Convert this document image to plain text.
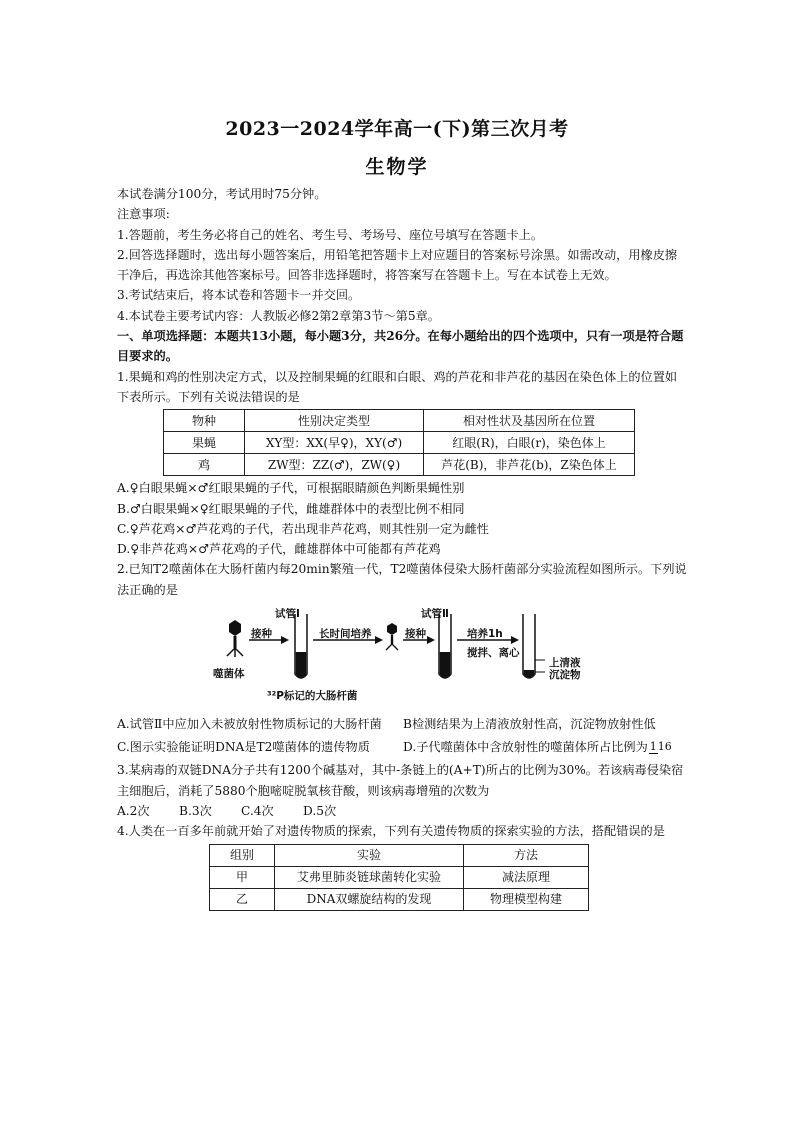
2023一2024学年高一(下)第三次月考
生物学

本试卷满分100分，考试用时75分钟。

注意事项:

1.答题前，考生务必将自己的姓名、考生号、考场号、座位号填写在答题卡上。

2.回答选择题时，选出每小题答案后，用铅笔把答题卡上对应题目的答案标号涂黑。如需改动，用橡皮擦干净后，再选涂其他答案标号。回答非选择题时，将答案写在答题卡上。写在本试卷上无效。

3.考试结束后，将本试卷和答题卡一并交回。

4.本试卷主要考试内容：人教版必修2第2章第3节～第5章。

一、单项选择题：本题共13小题，每小题3分，共26分。在每小题给出的四个选项中，只有一项是符合题目要求的。

1.果蝇和鸡的性别决定方式，以及控制果蝇的红眼和白眼、鸡的芦花和非芦花的基因在染色体上的位置如下表所示。下列有关说法错误的是

物种	性别决定类型	相对性状及基因所在位置
果蝇	XY型：XX(早♀)，XY(♂)	红眼(R)，白眼(r)，染色体上
鸡	ZW型：ZZ(♂)，ZW(♀)	芦花(B)，非芦花(b)，Z染色体上

A.♀白眼果蝇×♂红眼果蝇的子代，可根据眼睛颜色判断果蝇性别

B.♂白眼果蝇×♀红眼果蝇的子代，雌雄群体中的表型比例不相同

C.♀芦花鸡×♂芦花鸡的子代，若出现非芦花鸡，则其性别一定为雌性

D.♀非芦花鸡×♂芦花鸡的子代，雌雄群体中可能都有芦花鸡

2.已知T2噬菌体在大肠杆菌内每20min繁殖一代，T2噬菌体侵染大肠杆菌部分实验流程如图所示。下列说法正确的是

试管Ⅰ	试管Ⅱ
接种	长时间培养	接种	培养1h
搅拌、离心
噬菌体
³²P标记的大肠杆菌
上清液
沉淀物

A.试管Ⅱ中应加入未被放射性物质标记的大肠杆菌	B检测结果为上清液放射性高，沉淀物放射性低

C.图示实验能证明DNA是T2噬菌体的遗传物质	D.子代噬菌体中含放射性的噬菌体所占比例为 116

3.某病毒的双链DNA分子共有1200个碱基对，其中-条链上的(A+T)所占的比例为30%。若该病毒侵染宿主细胞后，消耗了5880个胞嘧啶脱氧核苷酸，则该病毒增殖的次数为

A.2次 B.3次 C.4次 D.5次

4.人类在一百多年前就开始了对遗传物质的探索，下列有关遗传物质的探索实验的方法，搭配错误的是

组别	实验	方法
甲	艾弗里肺炎链球菌转化实验	减法原理
乙	DNA双螺旋结构的发现	物理模型构建
